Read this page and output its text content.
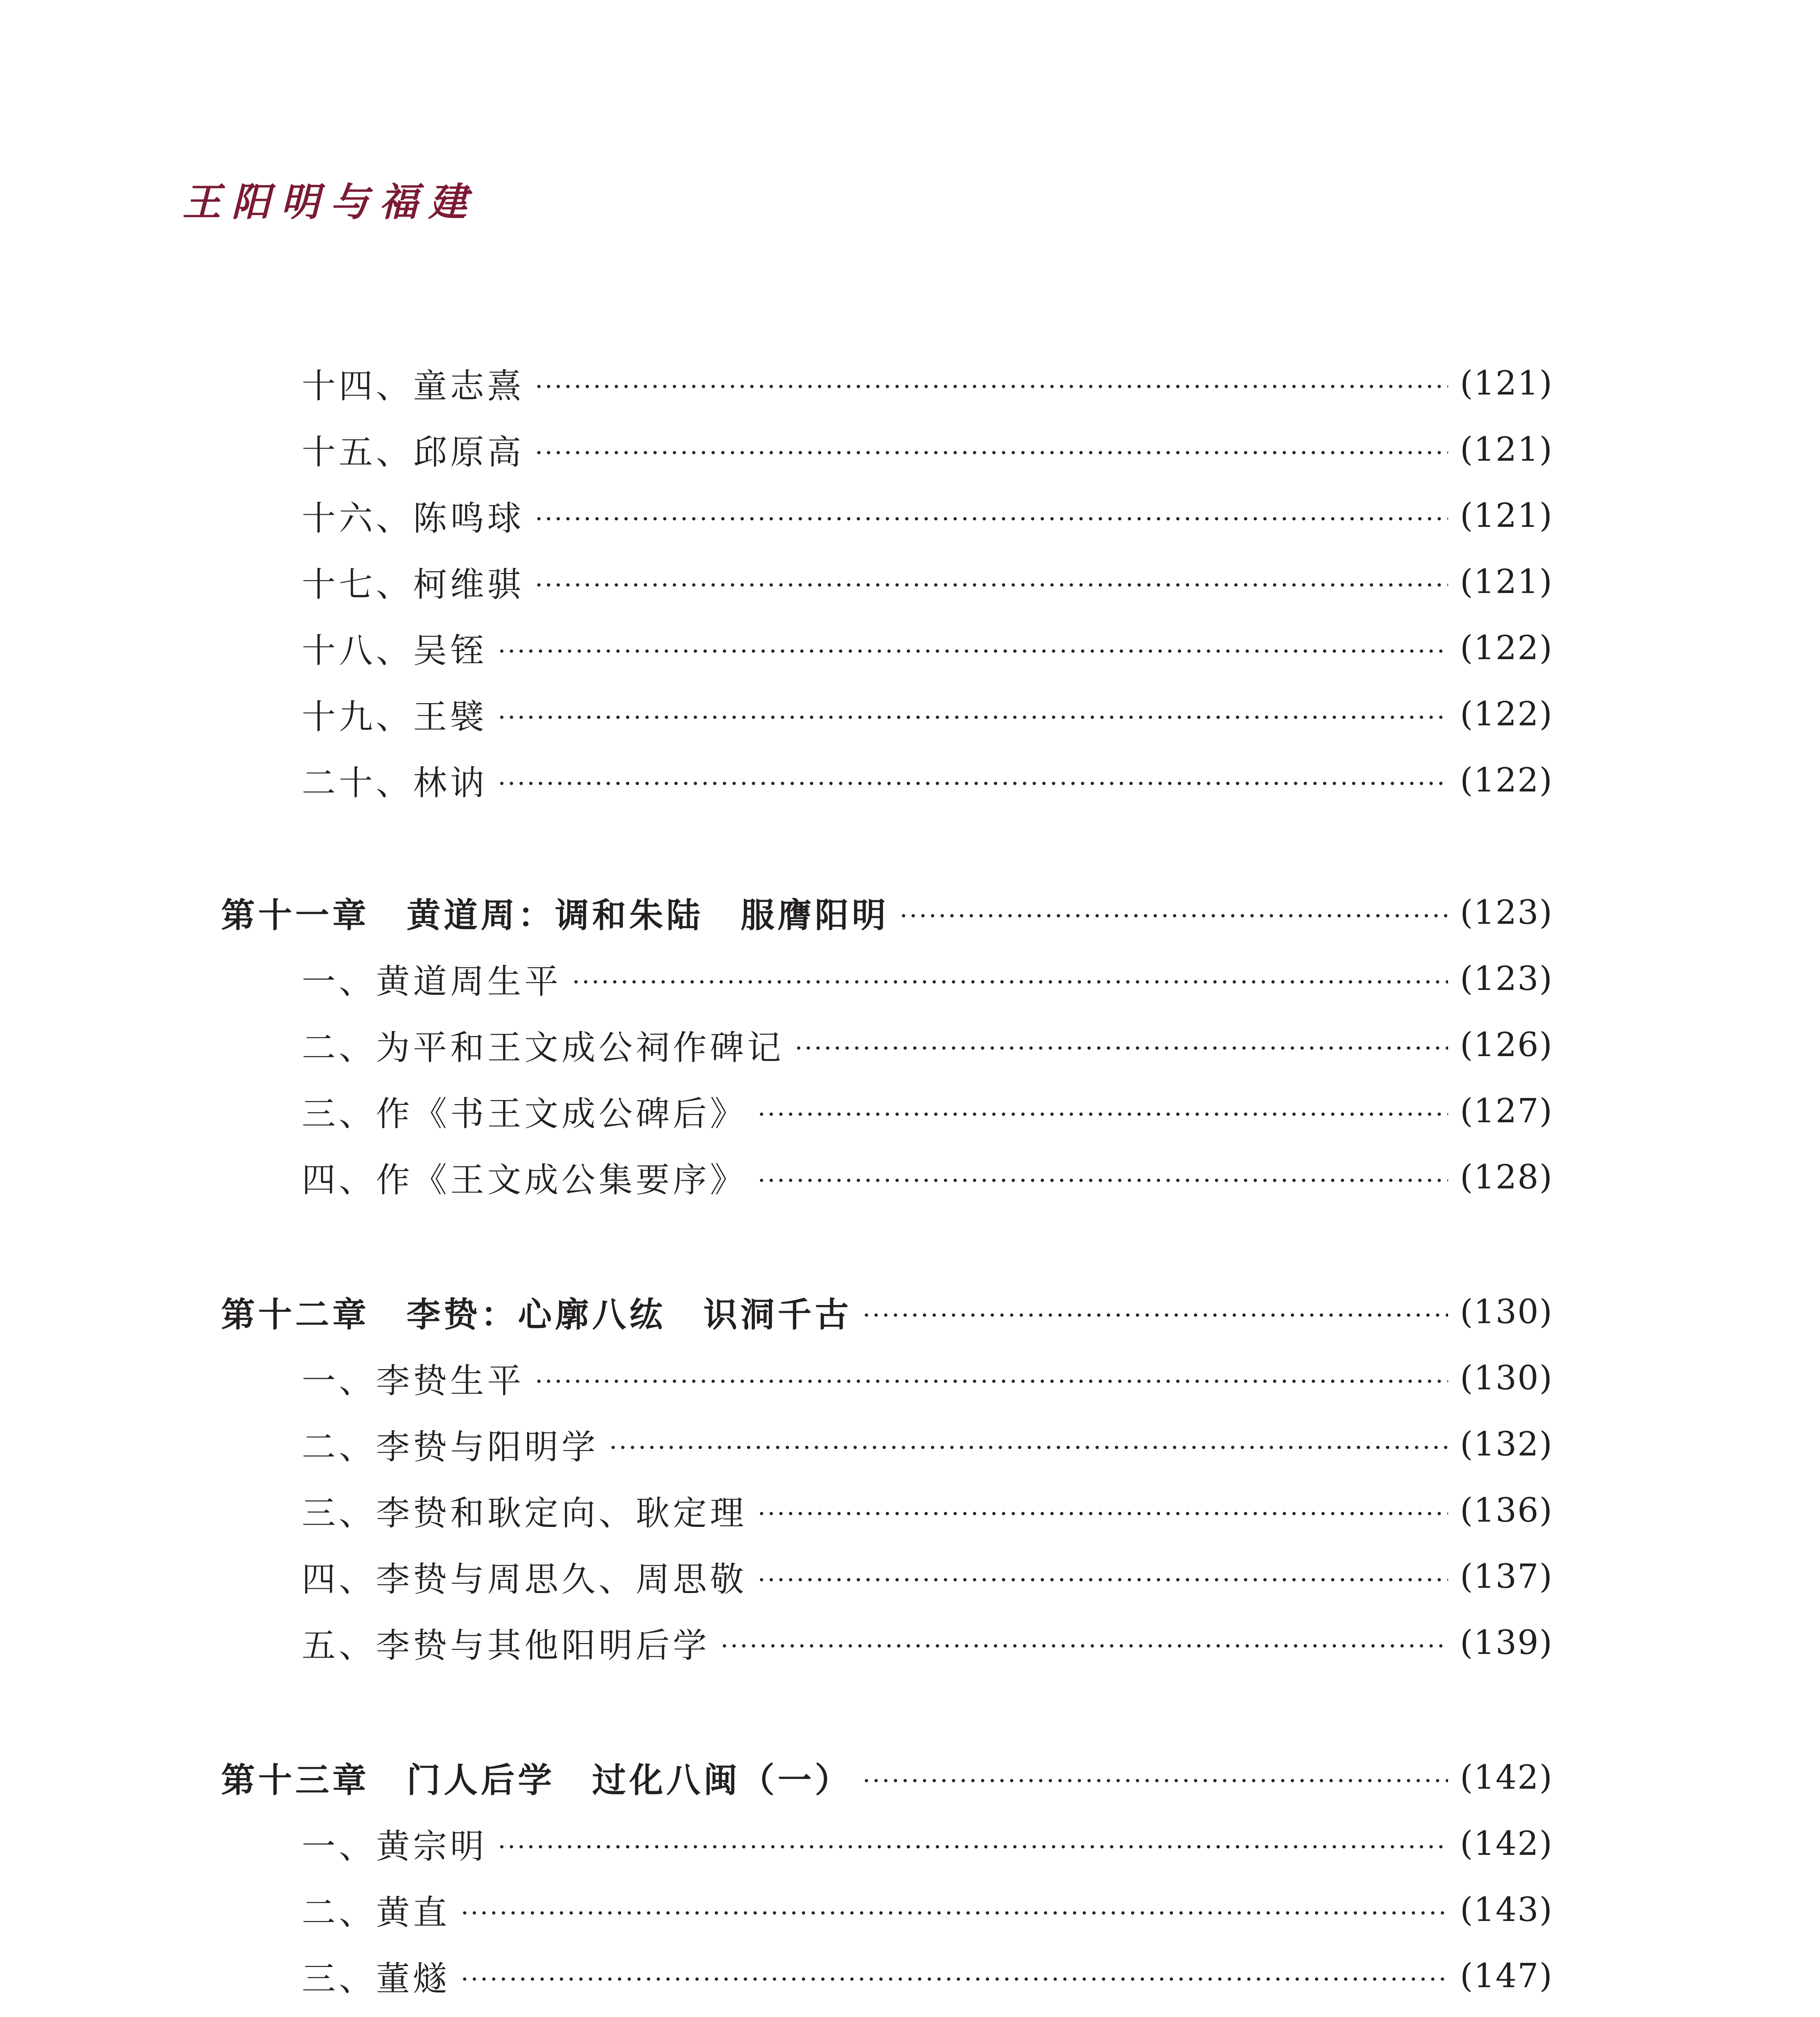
王阳明与福建
十四、童志熹	(121)
十五、邱原高	(121)
十六、陈鸣球	(121)
十七、柯维骐	(121)
十八、吴铚	(122)
十九、王襞	(122)
二十、林讷	(122)
第十一章　黄道周：调和朱陆　服膺阳明	(123)
一、黄道周生平	(123)
二、为平和王文成公祠作碑记	(126)
三、作《书王文成公碑后》	(127)
四、作《王文成公集要序》	(128)
第十二章　李贽：心廓八纮　识洞千古	(130)
一、李贽生平	(130)
二、李贽与阳明学	(132)
三、李贽和耿定向、耿定理	(136)
四、李贽与周思久、周思敬	(137)
五、李贽与其他阳明后学	(139)
第十三章　门人后学　过化八闽（一）	(142)
一、黄宗明	(142)
二、黄直	(143)
三、董燧	(147)
